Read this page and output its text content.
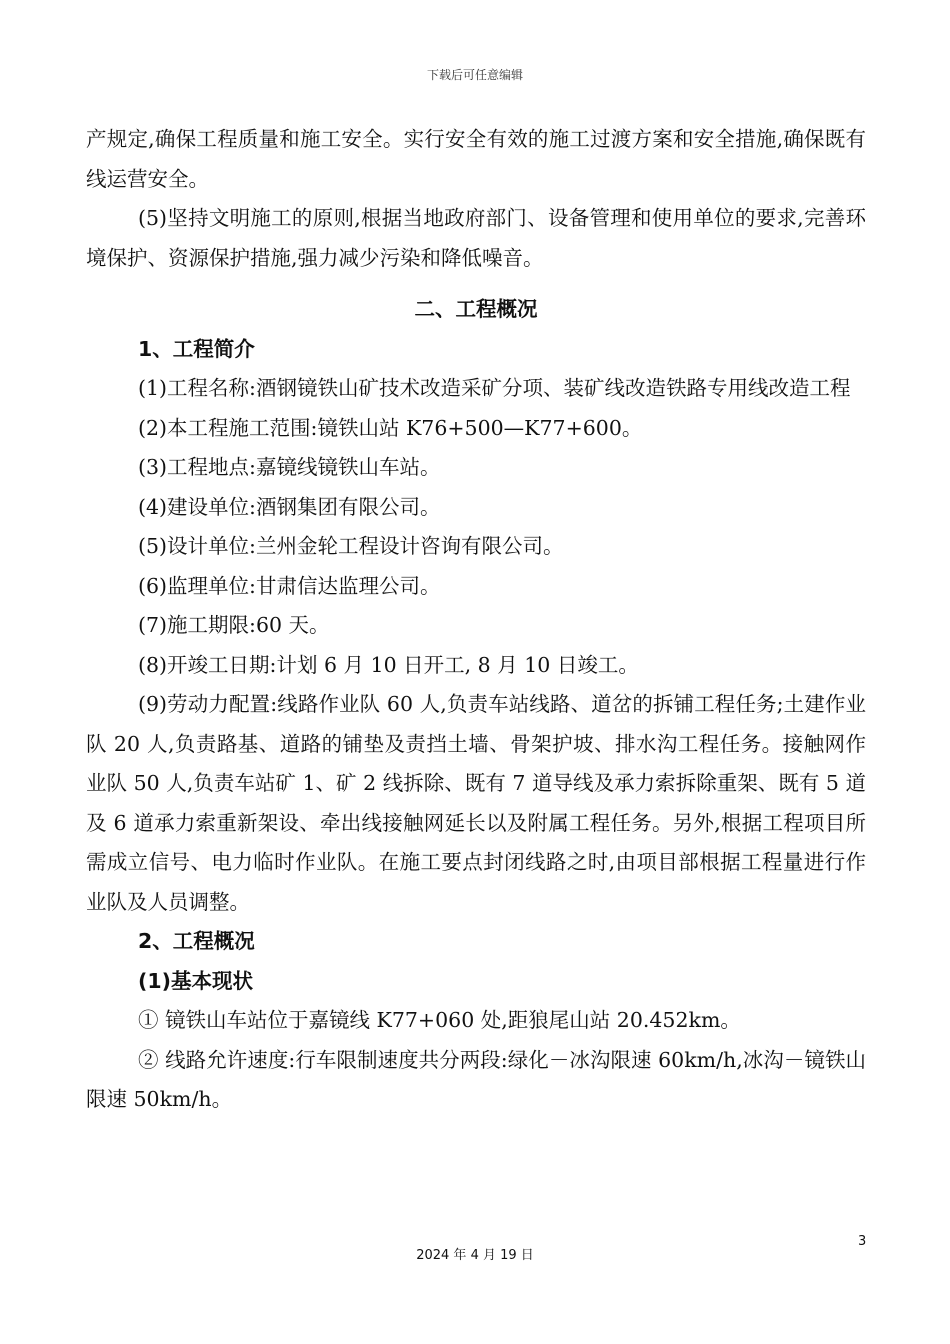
下载后可任意编辑

产规定,确保工程质量和施工安全。实行安全有效的施工过渡方案和安全措施,确保既有线运营安全。

(5)坚持文明施工的原则,根据当地政府部门、设备管理和使用单位的要求,完善环境保护、资源保护措施,强力减少污染和降低噪音。

二、工程概况

1、工程简介

(1)工程名称:酒钢镜铁山矿技术改造采矿分项、装矿线改造铁路专用线改造工程

(2)本工程施工范围:镜铁山站 K76+500—K77+600。

(3)工程地点:嘉镜线镜铁山车站。

(4)建设单位:酒钢集团有限公司。

(5)设计单位:兰州金轮工程设计咨询有限公司。

(6)监理单位:甘肃信达监理公司。

(7)施工期限:60 天。

(8)开竣工日期:计划 6 月 10 日开工, 8 月 10 日竣工。

(9)劳动力配置:线路作业队 60 人,负责车站线路、道岔的拆铺工程任务;土建作业队 20 人,负责路基、道路的铺垫及责挡土墙、骨架护坡、排水沟工程任务。接触网作业队 50 人,负责车站矿 1、矿 2 线拆除、既有 7 道导线及承力索拆除重架、既有 5 道及 6 道承力索重新架设、牵出线接触网延长以及附属工程任务。另外,根据工程项目所需成立信号、电力临时作业队。在施工要点封闭线路之时,由项目部根据工程量进行作业队及人员调整。

2、工程概况

(1)基本现状

① 镜铁山车站位于嘉镜线 K77+060 处,距狼尾山站 20.452km。

② 线路允许速度:行车限制速度共分两段:绿化－冰沟限速 60km/h,冰沟－镜铁山限速 50km/h。

3
2024 年 4 月 19 日
